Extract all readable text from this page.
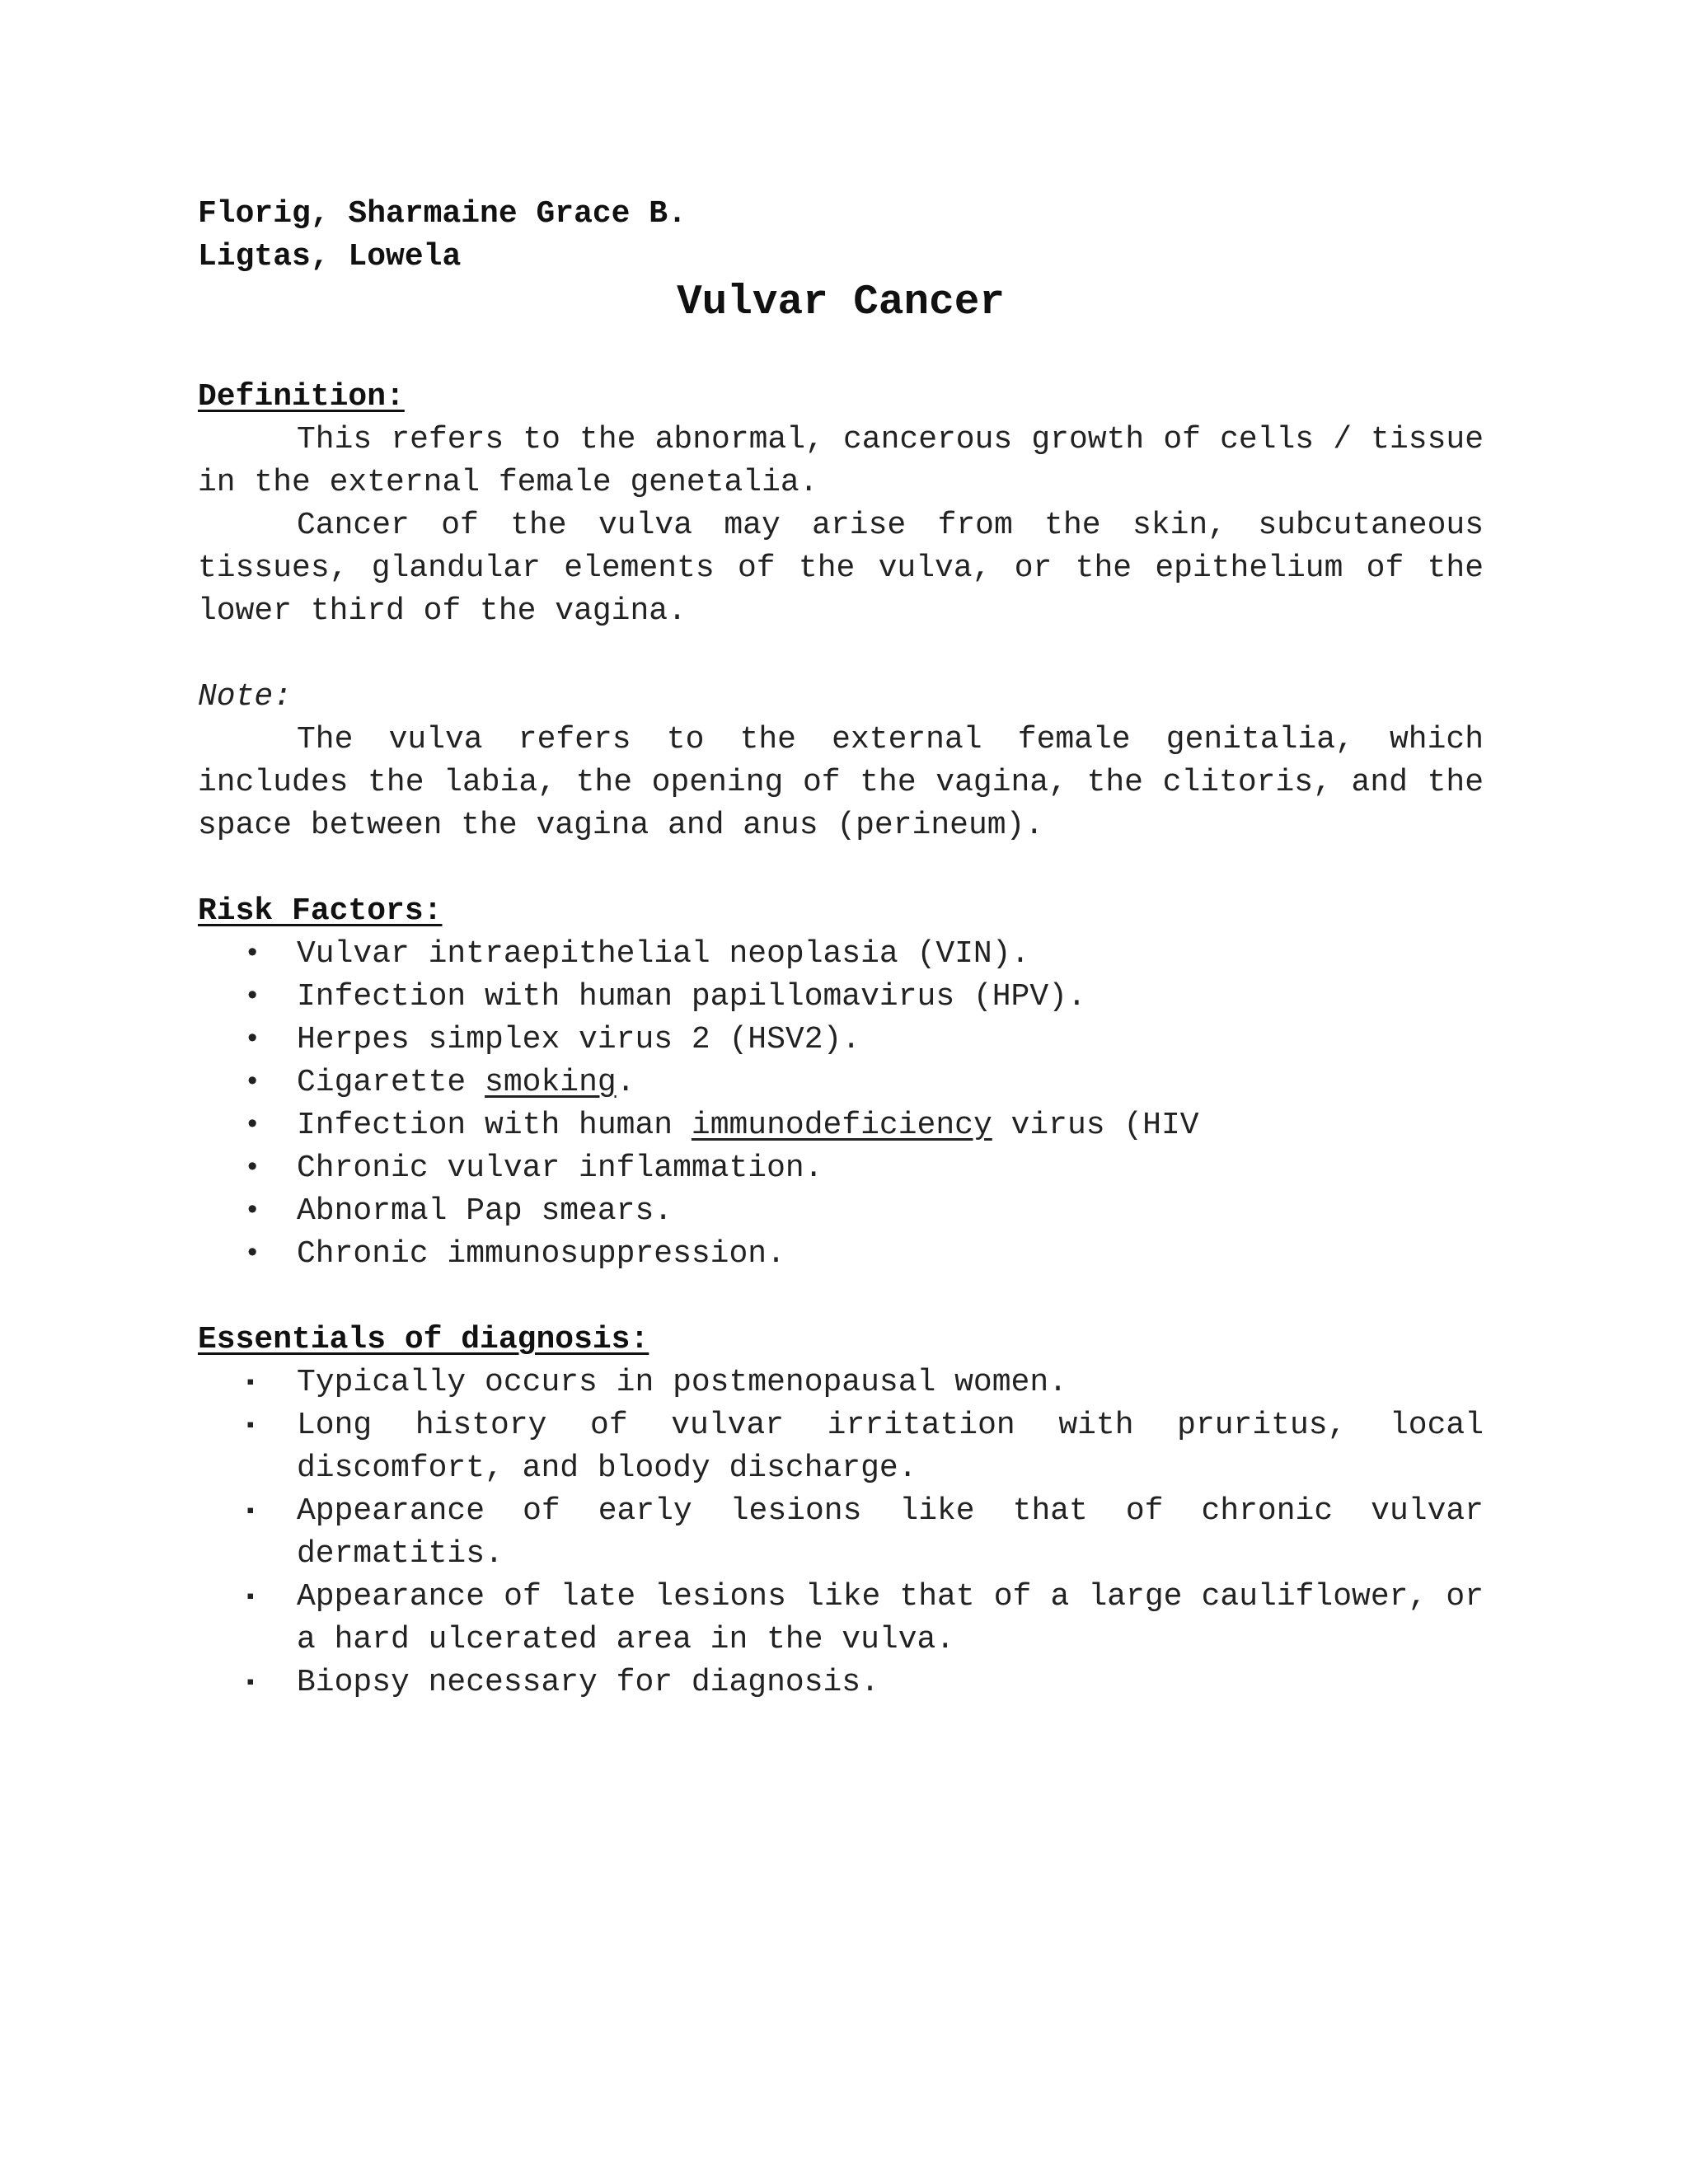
Florig, Sharmaine Grace B.

Ligtas, Lowela

Vulvar Cancer

Definition:

This refers to the abnormal, cancerous growth of cells / tissue in the external female genetalia.

Cancer of the vulva may arise from the skin, subcutaneous tissues, glandular elements of the vulva, or the epithelium of the lower third of the vagina.

Note:

The vulva refers to the external female genitalia, which includes the labia, the opening of the vagina, the clitoris, and the space between the vagina and anus (perineum).

Risk Factors:

• Vulvar intraepithelial neoplasia (VIN).
• Infection with human papillomavirus (HPV).
• Herpes simplex virus 2 (HSV2).
• Cigarette smoking.
• Infection with human immunodeficiency virus (HIV
• Chronic vulvar inflammation.
• Abnormal Pap smears.
• Chronic immunosuppression.

Essentials of diagnosis:

▪ Typically occurs in postmenopausal women.
▪ Long history of vulvar irritation with pruritus, local discomfort, and bloody discharge.
▪ Appearance of early lesions like that of chronic vulvar dermatitis.
▪ Appearance of late lesions like that of a large cauliflower, or a hard ulcerated area in the vulva.
▪ Biopsy necessary for diagnosis.
